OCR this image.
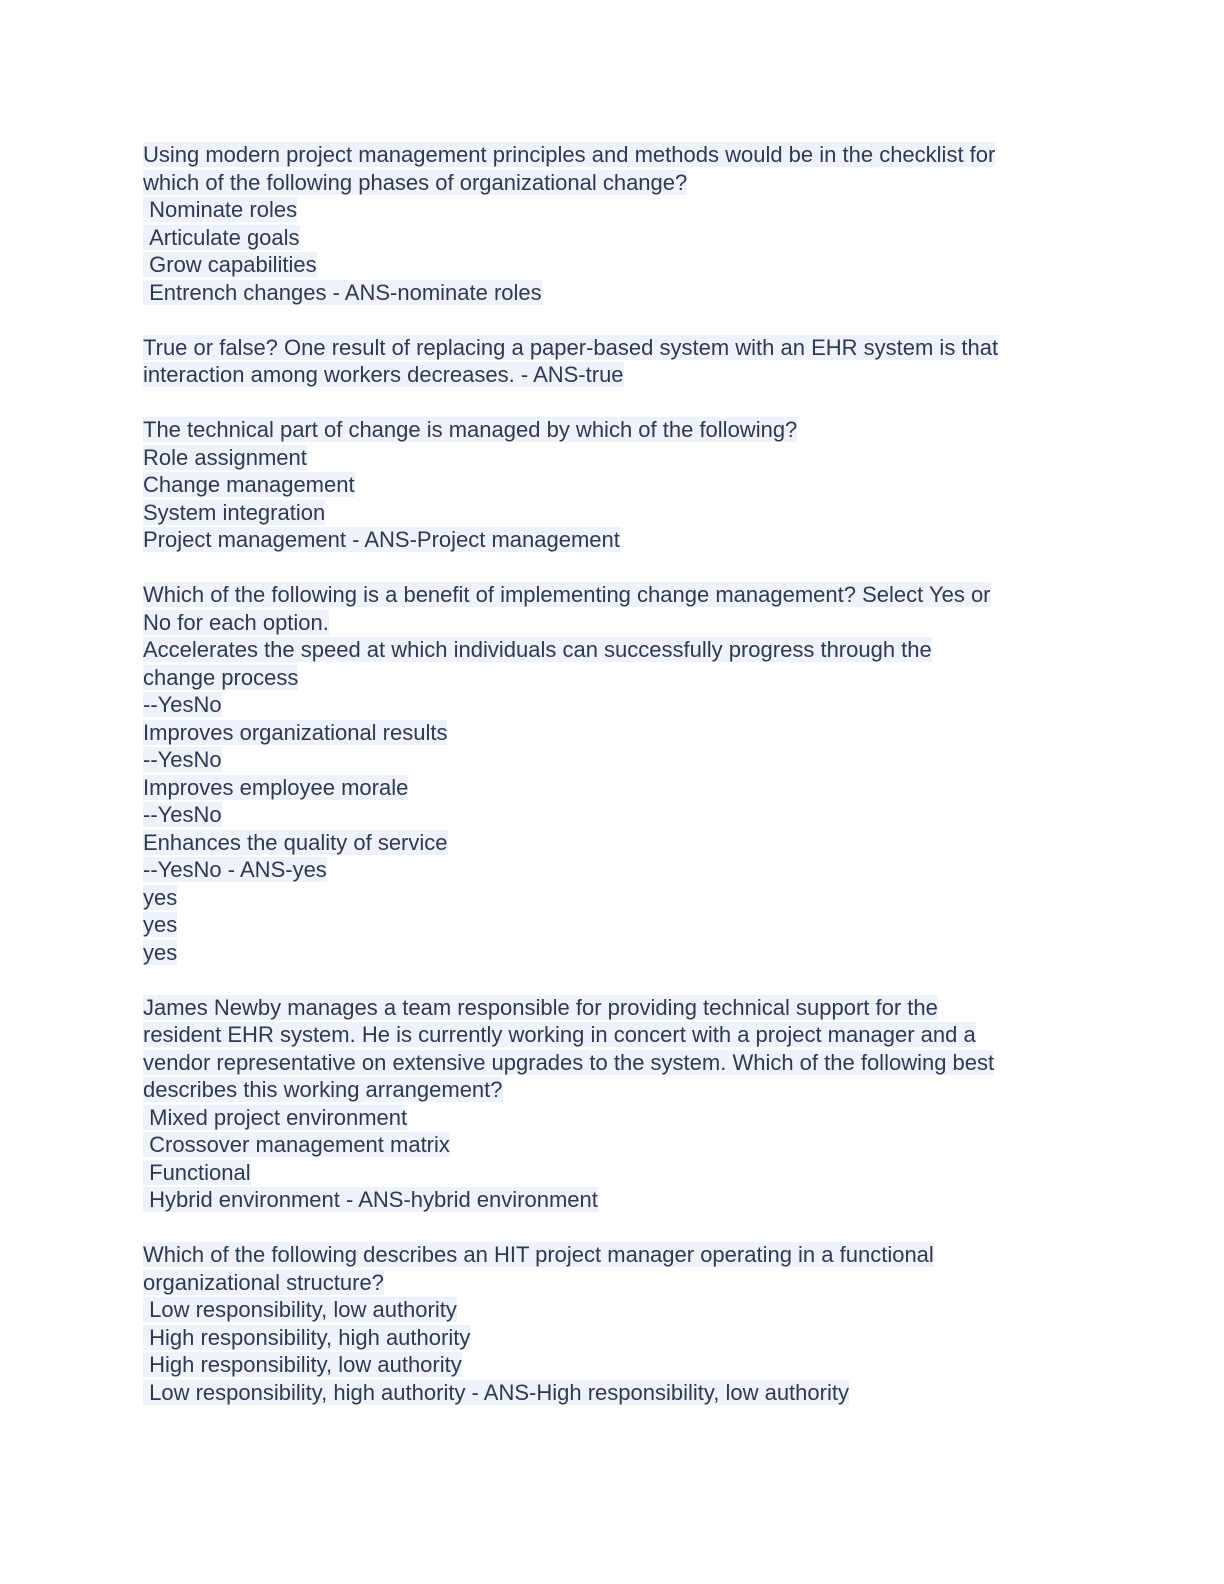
Using modern project management principles and methods would be in the checklist for
which of the following phases of organizational change?
Nominate roles
Articulate goals
Grow capabilities
Entrench changes - ANS-nominate roles
True or false? One result of replacing a paper-based system with an EHR system is that
interaction among workers decreases. - ANS-true
The technical part of change is managed by which of the following?
Role assignment
Change management
System integration
Project management - ANS-Project management
Which of the following is a benefit of implementing change management? Select Yes or
No for each option.
Accelerates the speed at which individuals can successfully progress through the
change process
--YesNo
Improves organizational results
--YesNo
Improves employee morale
--YesNo
Enhances the quality of service
--YesNo - ANS-yes
yes
yes
yes
James Newby manages a team responsible for providing technical support for the
resident EHR system. He is currently working in concert with a project manager and a
vendor representative on extensive upgrades to the system. Which of the following best
describes this working arrangement?
Mixed project environment
Crossover management matrix
Functional
Hybrid environment - ANS-hybrid environment
Which of the following describes an HIT project manager operating in a functional
organizational structure?
Low responsibility, low authority
High responsibility, high authority
High responsibility, low authority
Low responsibility, high authority - ANS-High responsibility, low authority
